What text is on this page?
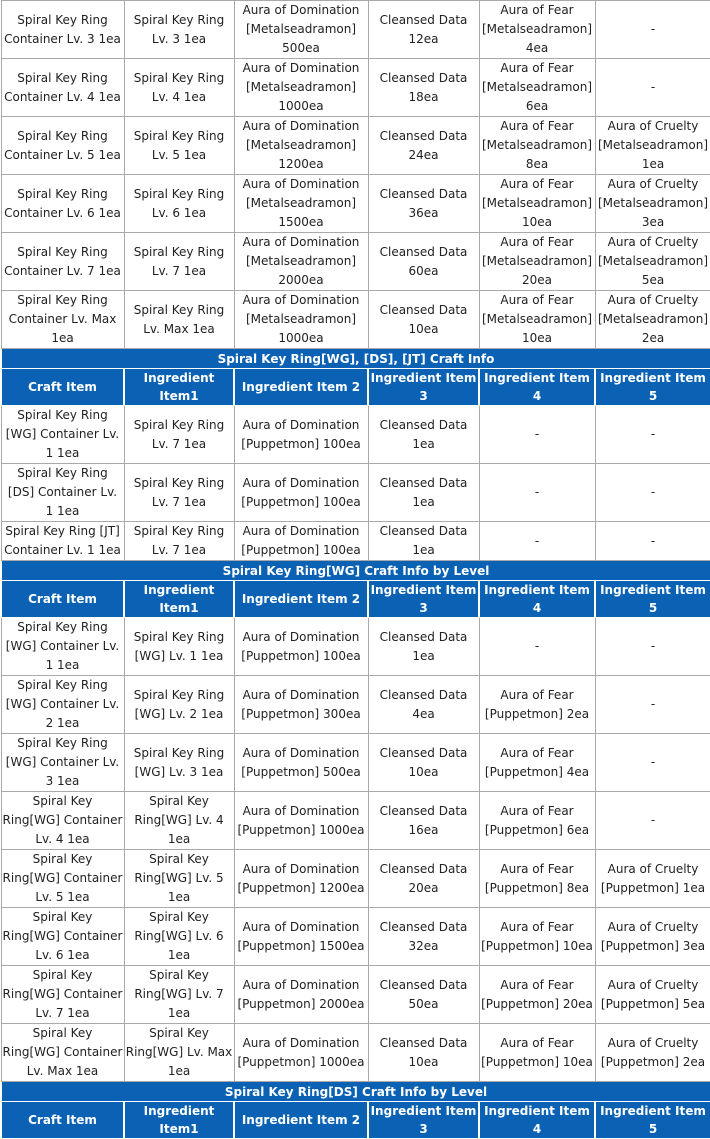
Spiral Key Ring Container Lv. 3 1ea	Spiral Key Ring Lv. 3 1ea	Aura of Domination [Metalseadramon] 500ea	Cleansed Data 12ea	Aura of Fear [Metalseadramon] 4ea	-
Spiral Key Ring Container Lv. 4 1ea	Spiral Key Ring Lv. 4 1ea	Aura of Domination [Metalseadramon] 1000ea	Cleansed Data 18ea	Aura of Fear [Metalseadramon] 6ea	-
Spiral Key Ring Container Lv. 5 1ea	Spiral Key Ring Lv. 5 1ea	Aura of Domination [Metalseadramon] 1200ea	Cleansed Data 24ea	Aura of Fear [Metalseadramon] 8ea	Aura of Cruelty [Metalseadramon] 1ea
Spiral Key Ring Container Lv. 6 1ea	Spiral Key Ring Lv. 6 1ea	Aura of Domination [Metalseadramon] 1500ea	Cleansed Data 36ea	Aura of Fear [Metalseadramon] 10ea	Aura of Cruelty [Metalseadramon] 3ea
Spiral Key Ring Container Lv. 7 1ea	Spiral Key Ring Lv. 7 1ea	Aura of Domination [Metalseadramon] 2000ea	Cleansed Data 60ea	Aura of Fear [Metalseadramon] 20ea	Aura of Cruelty [Metalseadramon] 5ea
Spiral Key Ring Container Lv. Max 1ea	Spiral Key Ring Lv. Max 1ea	Aura of Domination [Metalseadramon] 1000ea	Cleansed Data 10ea	Aura of Fear [Metalseadramon] 10ea	Aura of Cruelty [Metalseadramon] 2ea
Spiral Key Ring[WG], [DS], [JT] Craft Info					
Craft Item	Ingredient Item1	Ingredient Item 2	Ingredient Item 3	Ingredient Item 4	Ingredient Item 5
Spiral Key Ring [WG] Container Lv. 1 1ea	Spiral Key Ring Lv. 7 1ea	Aura of Domination [Puppetmon] 100ea	Cleansed Data 1ea	-	-
Spiral Key Ring [DS] Container Lv. 1 1ea	Spiral Key Ring Lv. 7 1ea	Aura of Domination [Puppetmon] 100ea	Cleansed Data 1ea	-	-
Spiral Key Ring [JT] Container Lv. 1 1ea	Spiral Key Ring Lv. 7 1ea	Aura of Domination [Puppetmon] 100ea	Cleansed Data 1ea	-	-
Spiral Key Ring[WG] Craft Info by Level					
Craft Item	Ingredient Item1	Ingredient Item 2	Ingredient Item 3	Ingredient Item 4	Ingredient Item 5
Spiral Key Ring [WG] Container Lv. 1 1ea	Spiral Key Ring [WG] Lv. 1 1ea	Aura of Domination [Puppetmon] 100ea	Cleansed Data 1ea	-	-
Spiral Key Ring [WG] Container Lv. 2 1ea	Spiral Key Ring [WG] Lv. 2 1ea	Aura of Domination [Puppetmon] 300ea	Cleansed Data 4ea	Aura of Fear [Puppetmon] 2ea	-
Spiral Key Ring [WG] Container Lv. 3 1ea	Spiral Key Ring [WG] Lv. 3 1ea	Aura of Domination [Puppetmon] 500ea	Cleansed Data 10ea	Aura of Fear [Puppetmon] 4ea	-
Spiral Key Ring[WG] Container Lv. 4 1ea	Spiral Key Ring[WG] Lv. 4 1ea	Aura of Domination [Puppetmon] 1000ea	Cleansed Data 16ea	Aura of Fear [Puppetmon] 6ea	-
Spiral Key Ring[WG] Container Lv. 5 1ea	Spiral Key Ring[WG] Lv. 5 1ea	Aura of Domination [Puppetmon] 1200ea	Cleansed Data 20ea	Aura of Fear [Puppetmon] 8ea	Aura of Cruelty [Puppetmon] 1ea
Spiral Key Ring[WG] Container Lv. 6 1ea	Spiral Key Ring[WG] Lv. 6 1ea	Aura of Domination [Puppetmon] 1500ea	Cleansed Data 32ea	Aura of Fear [Puppetmon] 10ea	Aura of Cruelty [Puppetmon] 3ea
Spiral Key Ring[WG] Container Lv. 7 1ea	Spiral Key Ring[WG] Lv. 7 1ea	Aura of Domination [Puppetmon] 2000ea	Cleansed Data 50ea	Aura of Fear [Puppetmon] 20ea	Aura of Cruelty [Puppetmon] 5ea
Spiral Key Ring[WG] Container Lv. Max 1ea	Spiral Key Ring[WG] Lv. Max 1ea	Aura of Domination [Puppetmon] 1000ea	Cleansed Data 10ea	Aura of Fear [Puppetmon] 10ea	Aura of Cruelty [Puppetmon] 2ea
Spiral Key Ring[DS] Craft Info by Level					
Craft Item	Ingredient Item1	Ingredient Item 2	Ingredient Item 3	Ingredient Item 4	Ingredient Item 5
